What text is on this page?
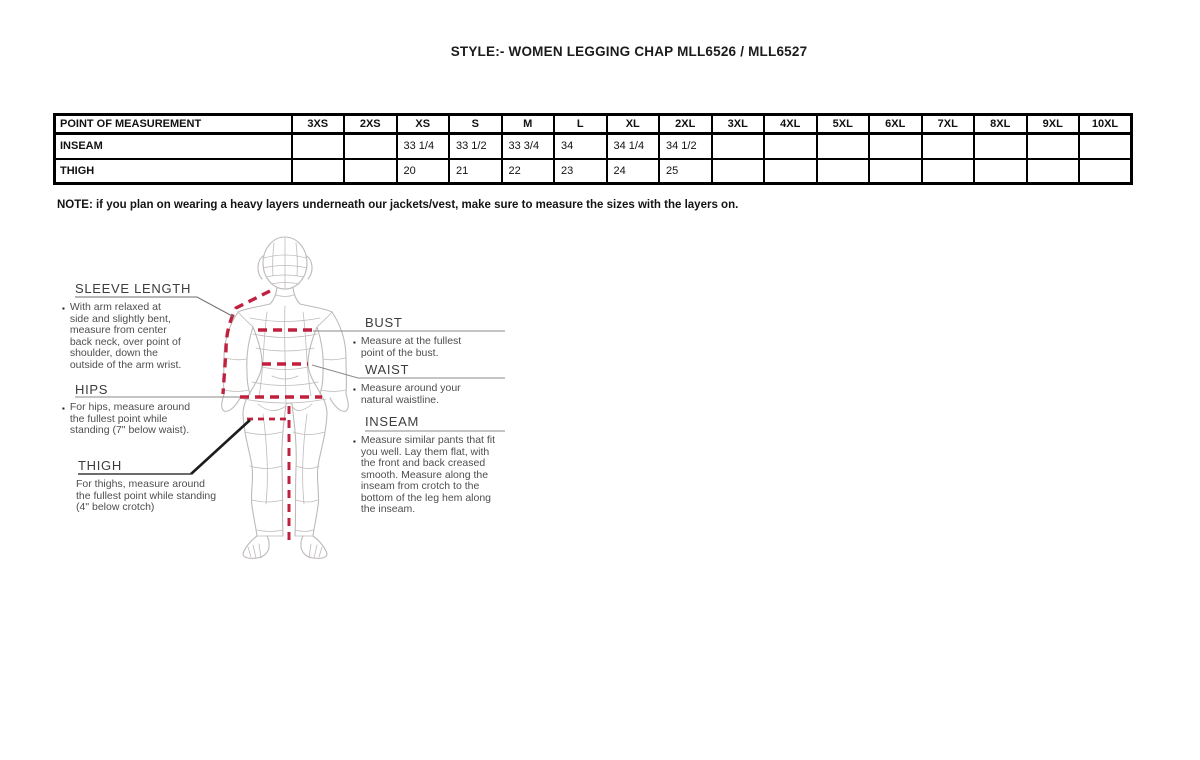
STYLE:- WOMEN LEGGING CHAP MLL6526 / MLL6527
POINT OF MEASUREMENT	3XS	2XS	XS	S	M	L	XL	2XL	3XL	4XL	5XL	6XL	7XL	8XL	9XL	10XL
INSEAM			33 1/4	33 1/2	33 3/4	34	34 1/4	34 1/2								
THIGH			20	21	22	23	24	25								
NOTE: if you plan on wearing a heavy layers underneath our jackets/vest, make sure to measure the sizes with the layers on.
SLEEVE LENGTH
▪ With arm relaxed at side and slightly bent, measure from center back neck, over point of shoulder, down the outside of the arm wrist.
HIPS
▪ For hips, measure around the fullest point while standing (7" below waist).
THIGH
For thighs, measure around the fullest point while standing (4" below crotch)
BUST
▪ Measure at the fullest point of the bust.
WAIST
▪ Measure around your natural waistline.
INSEAM
▪ Measure similar pants that fit you well. Lay them flat, with the front and back creased smooth. Measure along the inseam from crotch to the bottom of the leg hem along the inseam.
